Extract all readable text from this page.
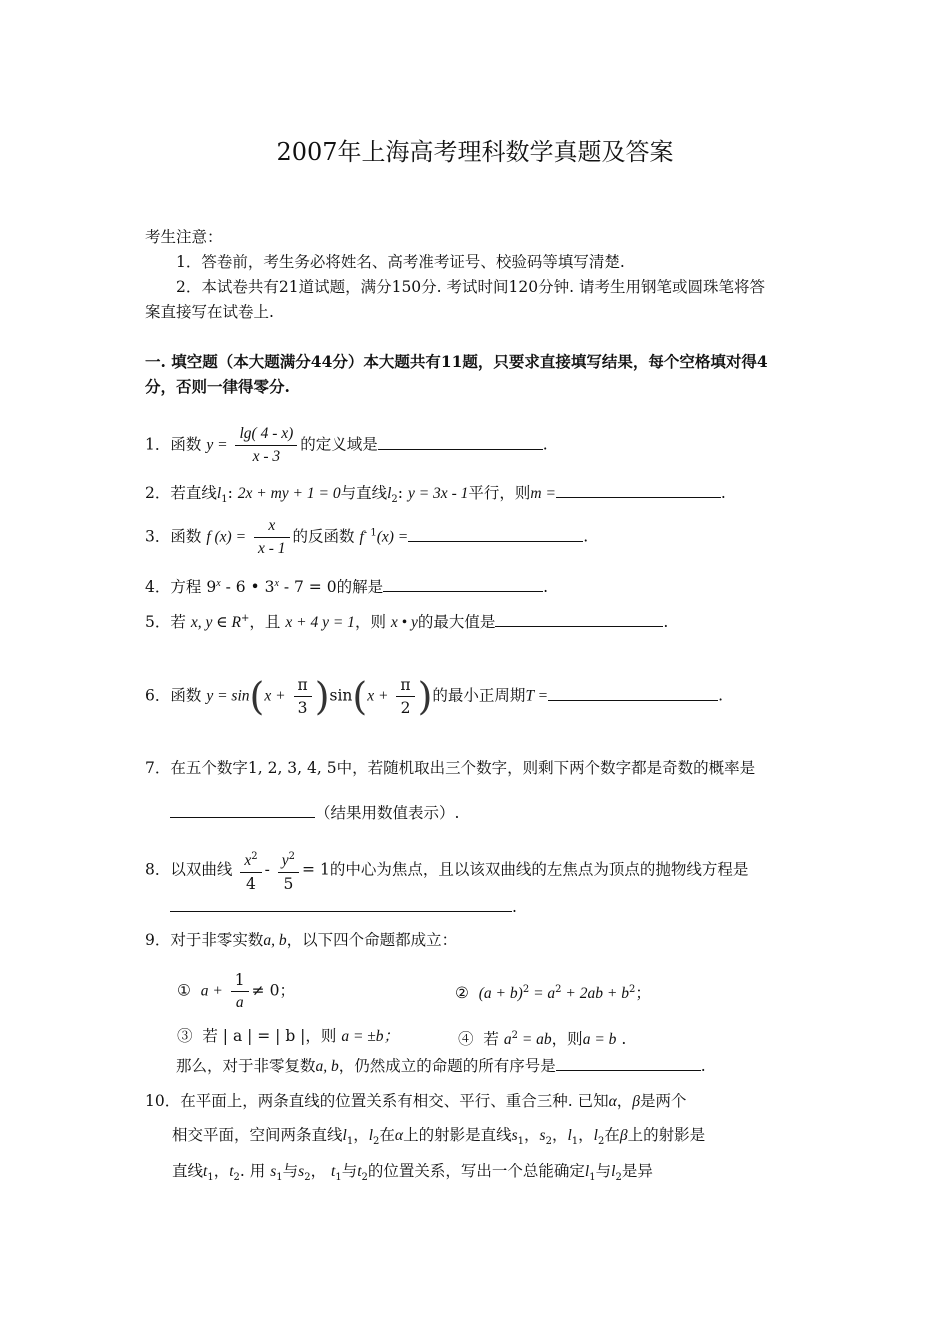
2007年上海高考理科数学真题及答案
考生注意：
1．答卷前，考生务必将姓名、高考准考证号、校验码等填写清楚.
2．本试卷共有21道试题，满分150分. 考试时间120分钟. 请考生用钢笔或圆珠笔将答
案直接写在试卷上.
一. 填空题（本大题满分44分）本大题共有11题，只要求直接填写结果，每个空格填对得4
分，否则一律得零分.
1．函数 $y = \frac{\lg( 4 - x)}{x - 3}$ 的定义域是	.
2．若直线$l_1$: 2x + my + 1 = 0与直线$l_2$: y = 3x - 1平行，则m =	.
3．函数 f $(x) = \frac{x}{x - 1}$ 的反函数 $f^{- 1}(x)$ =	.
4．方程 9$^x$ - 6 • 3$^x$ - 7 = 0的解是	.
5．若 x, y ∈ R+，且 x + 4 y = 1，则 x • y的最大值是	.
6．函数 $y = \sin(x + \frac{\pi}{3} )\sin(x + \frac{\pi}{2}$ )的最小正周期T =	.
7．在五个数字1, 2, 3, 4, 5中，若随机取出三个数字，则剩下两个数字都是奇数的概率是
（结果用数值表示）.
8．以双曲线 $\frac{x^2}{4} - \frac{y^2}{5} = 1$的中心为焦点，且以该双曲线的左焦点为顶点的抛物线方程是
.
9．对于非零实数a, b，以下四个命题都成立：
① $a + \frac{1}{a} \ne 0$；	② $(a + b)^2 = a^2 + 2ab + b^2$；
③ 若 | a | = | b |，则 a = ±b；	④ 若 $a^2$ = ab，则a = b .
那么，对于非零复数a, b，仍然成立的命题的所有序号是	.
10．在平面上，两条直线的位置关系有相交、平行、重合三种. 已知α，β是两个
相交平面，空间两条直线$l_1$，$l_2$在α上的射影是直线$s_1$，$s_2$，$l_1$，$l_2$在β上的射影是
直线$t_1$，$t_2$. 用 $s_1$与$s_2$， $t_1$与$t_2$的位置关系，写出一个总能确定$l_1$与$l_2$是异
